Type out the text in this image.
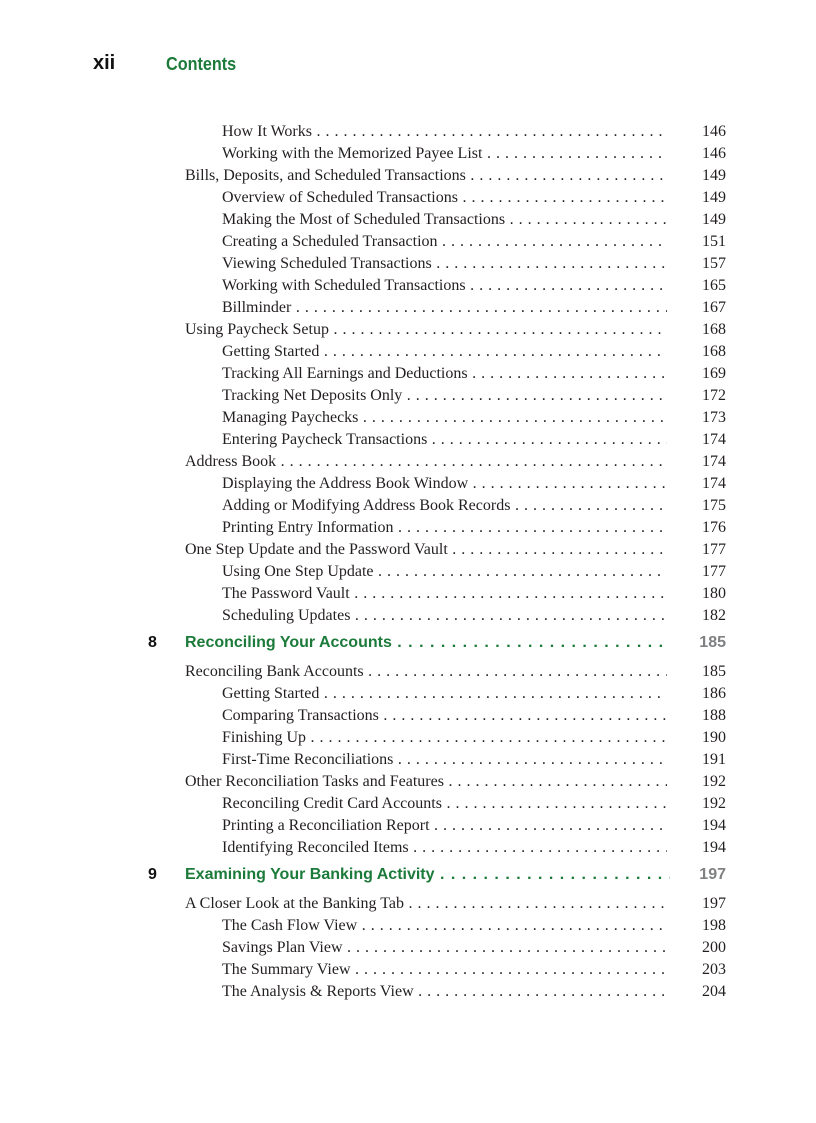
xii	Contents
How It Works . . .	146
Working with the Memorized Payee List . . .	146
Bills, Deposits, and Scheduled Transactions . . .	149
Overview of Scheduled Transactions . . .	149
Making the Most of Scheduled Transactions . . .	149
Creating a Scheduled Transaction . . .	151
Viewing Scheduled Transactions . . .	157
Working with Scheduled Transactions . . .	165
Billminder . . .	167
Using Paycheck Setup . . .	168
Getting Started . . .	168
Tracking All Earnings and Deductions . . .	169
Tracking Net Deposits Only . . .	172
Managing Paychecks . . .	173
Entering Paycheck Transactions . . .	174
Address Book . . .	174
Displaying the Address Book Window . . .	174
Adding or Modifying Address Book Records . . .	175
Printing Entry Information . . .	176
One Step Update and the Password Vault . . .	177
Using One Step Update . . .	177
The Password Vault . . .	180
Scheduling Updates . . .	182
8 Reconciling Your Accounts . . .	185
Reconciling Bank Accounts . . .	185
Getting Started . . .	186
Comparing Transactions . . .	188
Finishing Up . . .	190
First-Time Reconciliations . . .	191
Other Reconciliation Tasks and Features . . .	192
Reconciling Credit Card Accounts . . .	192
Printing a Reconciliation Report . . .	194
Identifying Reconciled Items . . .	194
9 Examining Your Banking Activity . . .	197
A Closer Look at the Banking Tab . . .	197
The Cash Flow View . . .	198
Savings Plan View . . .	200
The Summary View . . .	203
The Analysis & Reports View . . .	204
